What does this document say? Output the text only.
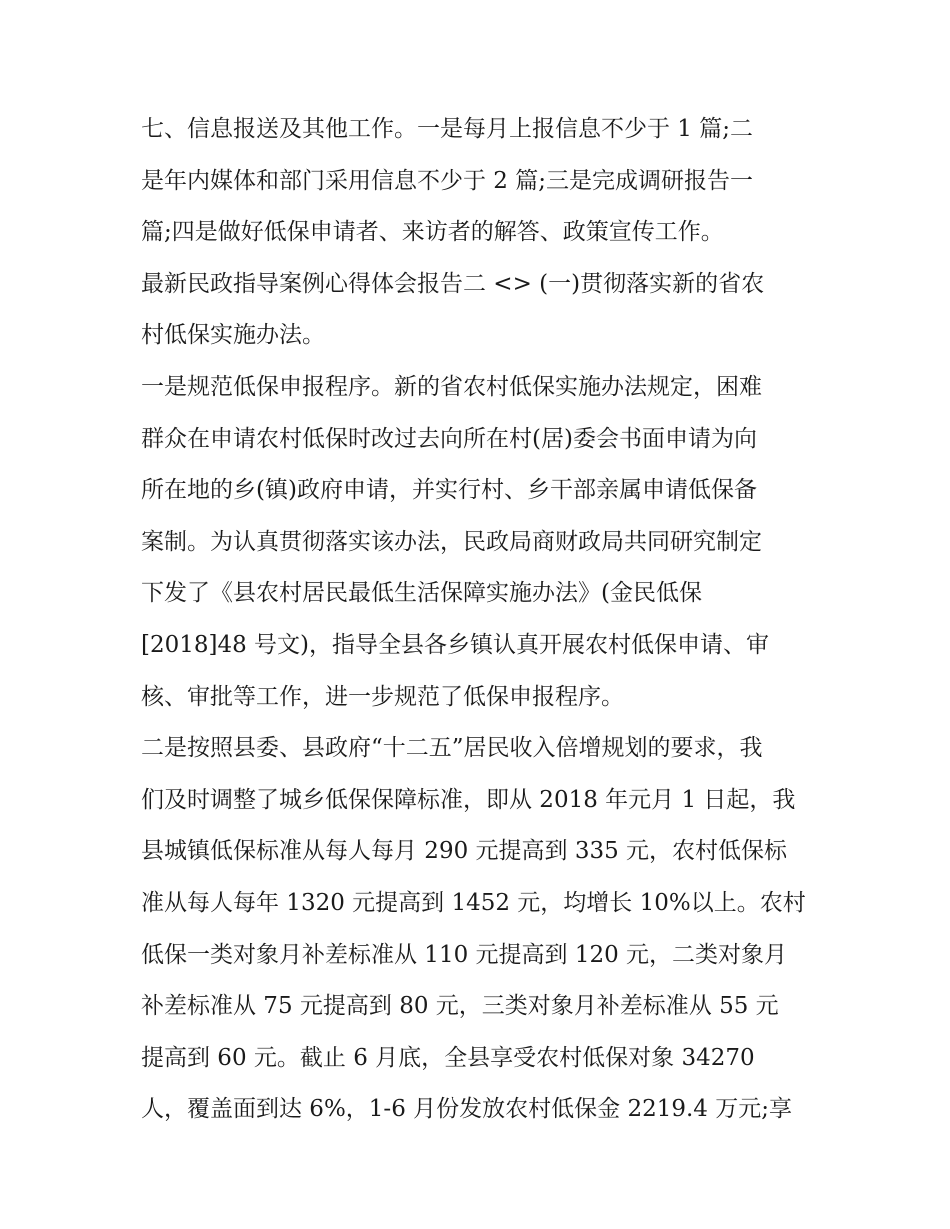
七、信息报送及其他工作。一是每月上报信息不少于 1 篇;二
是年内媒体和部门采用信息不少于 2 篇;三是完成调研报告一
篇;四是做好低保申请者、来访者的解答、政策宣传工作。
最新民政指导案例心得体会报告二 <> (一)贯彻落实新的省农
村低保实施办法。
一是规范低保申报程序。新的省农村低保实施办法规定，困难
群众在申请农村低保时改过去向所在村(居)委会书面申请为向
所在地的乡(镇)政府申请，并实行村、乡干部亲属申请低保备
案制。为认真贯彻落实该办法，民政局商财政局共同研究制定
下发了《县农村居民最低生活保障实施办法》(金民低保
[2018]48 号文)，指导全县各乡镇认真开展农村低保申请、审
核、审批等工作，进一步规范了低保申报程序。
二是按照县委、县政府“十二五”居民收入倍增规划的要求，我
们及时调整了城乡低保保障标准，即从 2018 年元月 1 日起，我
县城镇低保标准从每人每月 290 元提高到 335 元，农村低保标
准从每人每年 1320 元提高到 1452 元，均增长 10%以上。农村
低保一类对象月补差标准从 110 元提高到 120 元，二类对象月
补差标准从 75 元提高到 80 元，三类对象月补差标准从 55 元
提高到 60 元。截止 6 月底，全县享受农村低保对象 34270
人，覆盖面到达 6%，1-6 月份发放农村低保金 2219.4 万元;享
